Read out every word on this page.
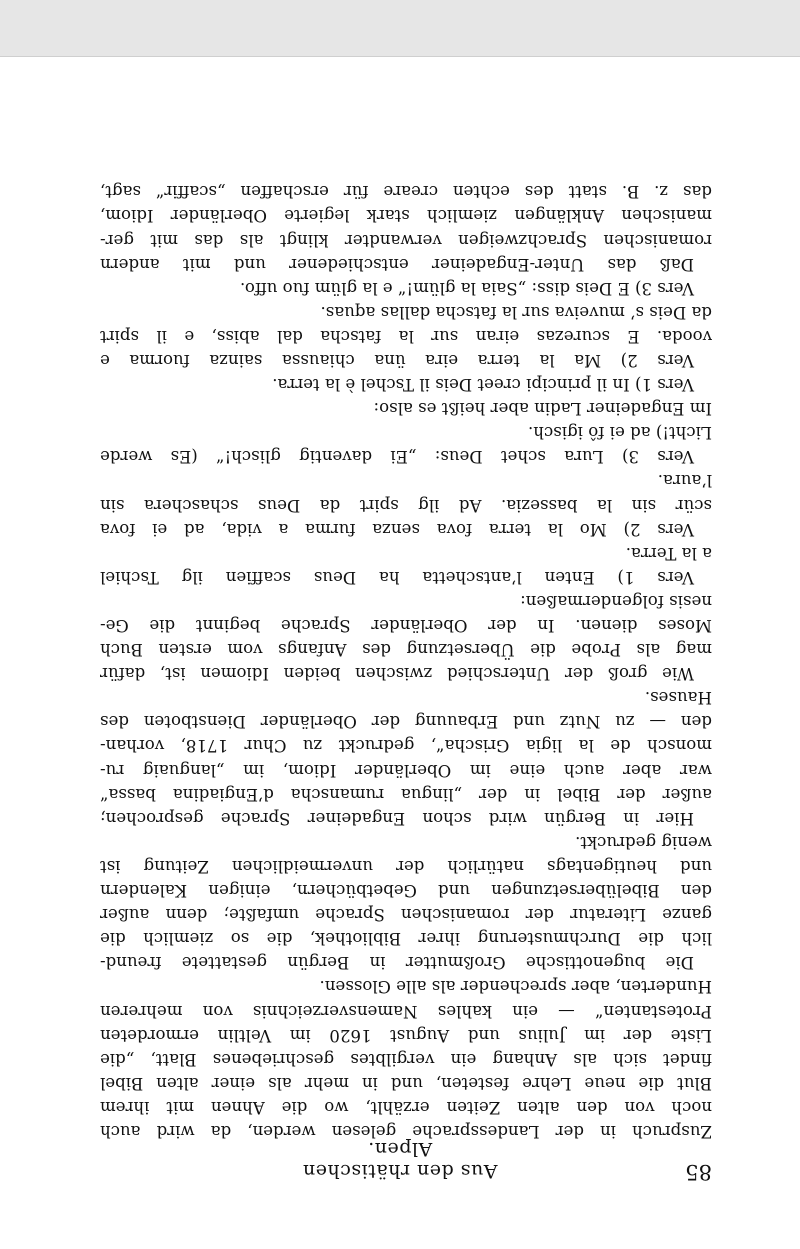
85
Aus den rhätischen Alpen.
Zuspruch in der Landessprache gelesen werden, da wird auch
noch von den alten Zeiten erzählt, wo die Ahnen mit ihrem
Blut die neue Lehre festeten, und in mehr als einer alten Bibel
findet sich als Anhang ein vergilbtes geschriebenes Blatt, „die
Liste der im Julius und August 1620 im Veltlin ermordeten
Protestanten“ — ein kahles Namensverzeichnis von mehreren
Hunderten, aber sprechender als alle Glossen.
Die bugenottische Großmutter in Bergün gestattete freund-
lich die Durchmusterung ihrer Bibliothek, die so ziemlich die
ganze Literatur der romanischen Sprache umfaßte; denn außer
den Bibelübersetzungen und Gebetbüchern, einigen Kalendern
und heutigentags natürlich der unvermeidlichen Zeitung ist
wenig gedruckt.
Hier in Bergün wird schon Engadeiner Sprache gesprochen;
außer der Bibel in der „lingua rumanscha d’Engiadina bassa“
war aber auch eine im Oberländer Idiom, im „languaig ru-
monsch de la ligia Grischa“, gedruckt zu Chur 1718, vorhan-
den — zu Nutz und Erbauung der Oberländer Dienstboten des
Hauses.
Wie groß der Unterschied zwischen beiden Idiomen ist, dafür
mag als Probe die Übersetzung des Anfangs vom ersten Buch
Moses dienen. In der Oberländer Sprache beginnt die Ge-
nesis folgendermaßen:
Vers 1) Enten l’antschetta ha Deus scaffien ilg Tschiel
a la Terra.
Vers 2) Mo la terra fova senza furma a vida, ad ei fova
scür sin la bassezia. Ad ilg spirt da Deus schaschera sin
l’aura.
Vers 3) Lura schet Deus: „Ei daventig glisch!“ (Es werde
Licht!) ad ei fô igisch.
Im Engadeiner Ladin aber heißt es also:
Vers 1) In il principi creet Deis il Tschel è la terra.
Vers 2) Ma la terra eira üna chiaussa sainza fuorma e
vooda. E scurezas eiran sur la fatscha dal abiss, e il spirt
da Deis s’ muveiva sur la fatscha dallas aquas.
Vers 3) E Deis diss: „Saia la glüm!“ e la glüm fuo uffo.
Daß das Unter-Engadeiner entschiedener und mit andern
romanischen Sprachzweigen verwandter klingt als das mit ger-
manischen Anklängen ziemlich stark legierte Oberländer Idiom,
das z. B. statt des echten creare für erschaffen „scaffir“ sagt,
